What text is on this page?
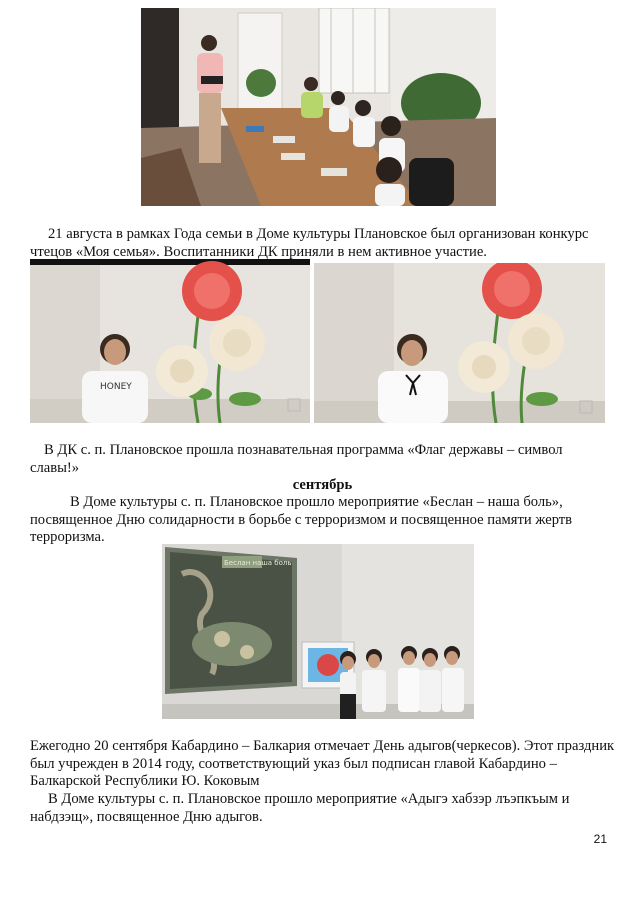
21 августа в рамках Года семьи в Доме культуры Плановское был организован конкурс чтецов «Моя семья». Воспитанники ДК приняли в нем активное участие.

HONEY

В ДК с. п. Плановское прошла познавательная программа «Флаг державы – символ славы!»

сентябрь

В Доме культуры с. п. Плановское прошло мероприятие «Беслан – наша боль», посвященное Дню солидарности в борьбе с терроризмом и посвященное памяти жертв терроризма.

Беслан наша боль

Ежегодно 20 сентября Кабардино – Балкария отмечает День адыгов(черкесов). Этот праздник был учрежден в 2014 году, соответствующий указ был подписан главой Кабардино – Балкарской Республики Ю. Коковым

В Доме культуры с. п. Плановское прошло мероприятие «Адыгэ хабзэр лъэпкъым и набдзэщ», посвященное Дню адыгов.

21
